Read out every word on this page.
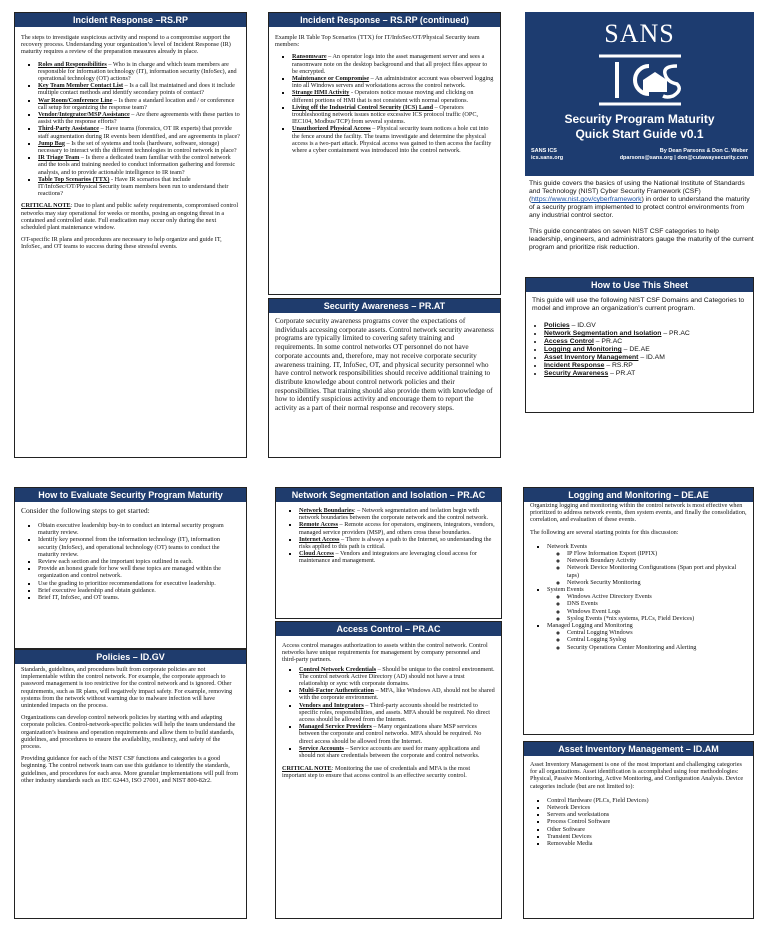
Incident Response –RS.RP

The steps to investigate suspicious activity and respond to a compromise support the recovery process. Understanding your organization’s level of Incident Response (IR) maturity requires a review of the preparation measures already in place.

▪ Roles and Responsibilities – Who is in charge and which team members are responsible for information technology (IT), information security (InfoSec), and operational technology (OT) actions?
▪ Key Team Member Contact List – Is a call list maintained and does it include multiple contact methods and identify secondary points of contact?
▪ War Room/Conference Line – Is there a standard location and / or conference call setup for organizing the response team?
▪ Vendor/Integrator/MSP Assistance – Are there agreements with these parties to assist with the response efforts?
▪ Third-Party Assistance – Have teams (forensics, OT IR experts) that provide staff augmentation during IR events been identified, and are agreements in place?
▪ Jump Bag – Is the set of systems and tools (hardware, software, storage) necessary to interact with the different technologies in control network in place?
▪ IR Triage Team – Is there a dedicated team familiar with the control network and the tools and training needed to conduct information gathering and forensic analysis, and to provide actionable intelligence to IR team?
▪ Table Top Scenarios (TTX) - Have IR scenarios that include IT/InfoSec/OT/Physical Security team members been run to understand their reactions?

CRITICAL NOTE: Due to plant and public safety requirements, compromised control networks may stay operational for weeks or months, posing an ongoing threat in a contained and controlled state. Full eradication may occur only during the next scheduled plant maintenance window.

OT-specific IR plans and procedures are necessary to help organize and guide IT, InfoSec, and OT teams to success during these stressful events.

Incident Response – RS.RP (continued)

Example IR Table Top Scenarios (TTX) for IT/InfoSec/OT/Physical Security team members:

▪ Ransomware – An operator logs into the asset management server and sees a ransomware note on the desktop background and that all project files appear to be encrypted.
▪ Maintenance or Compromise – An administrator account was observed logging into all Windows servers and workstations across the control network.
▪ Strange HMI Activity - Operators notice mouse moving and clicking on different portions of HMI that is not consistent with normal operations.
▪ Living off the Industrial Control Security (ICS) Land – Operators troubleshooting network issues notice excessive ICS protocol traffic (OPC, IEC104, Modbus/TCP) from several systems.
▪ Unauthorized Physical Access – Physical security team notices a hole cut into the fence around the facility. The teams investigate and determine the physical access is a two-part attack. Physical access was gained to then access the facility where a cyber containment was introduced into the control network.
Security Awareness – PR.AT

Corporate security awareness programs cover the expectations of individuals accessing corporate assets. Control network security awareness programs are typically limited to covering safety training and requirements. In some control networks OT personnel do not have corporate accounts and, therefore, may not receive corporate security awareness training. IT, InfoSec, OT, and physical security personnel who have control network responsibilities should receive additional training to distribute knowledge about control network policies and their responsibilities. That training should also provide them with knowledge of how to identify suspicious activity and encourage them to report the activity as a part of their normal response and recovery steps.

SANS
Security Program Maturity
Quick Start Guide v0.1
SANS ICS	By Dean Parsons & Don C. Weber
ics.sans.org	dparsons@sans.org | don@cutawaysecurity.com

This guide covers the basics of using the National Institute of Standards and Technology (NIST) Cyber Security Framework (CSF) (https://www.nist.gov/cyberframework) in order to understand the maturity of a security program implemented to protect control environments from any industrial control sector.

This guide concentrates on seven NIST CSF categories to help leadership, engineers, and administrators gauge the maturity of the current program and prioritize risk reduction.

How to Use This Sheet

This guide will use the following NIST CSF Domains and Categories to model and improve an organization’s current program.

• Policies – ID.GV
• Network Segmentation and Isolation – PR.AC
• Access Control – PR.AC
• Logging and Monitoring – DE.AE
• Asset Inventory Management – ID.AM
• Incident Response – RS.RP
• Security Awareness – PR.AT
How to Evaluate Security Program Maturity

Consider the following steps to get started:

▪ Obtain executive leadership buy-in to conduct an internal security program maturity review.
▪ Identify key personnel from the information technology (IT), information security (InfoSec), and operational technology (OT) teams to conduct the maturity review.
▪ Review each section and the important topics outlined in each.
▪ Provide an honest grade for how well these topics are managed within the organization and control network.
▪ Use the grading to prioritize recommendations for executive leadership.
▪ Brief executive leadership and obtain guidance.
▪ Brief IT, InfoSec, and OT teams.
Policies – ID.GV

Standards, guidelines, and procedures built from corporate policies are not implementable within the control network. For example, the corporate approach to password management is too restrictive for the control network and is ignored. Other requirements, such as IR plans, will negatively impact safety. For example, removing systems from the network without warning due to malware infection will have unintended impacts on the process.

Organizations can develop control network policies by starting with and adapting corporate policies. Control-network-specific policies will help the team understand the organization’s business and operation requirements and allow them to build standards, guidelines, and procedures to ensure the availability, resiliency, and safety of the process.

Providing guidance for each of the NIST CSF functions and categories is a good beginning. The control network team can use this guidance to identify the standards, guidelines, and procedures for each area. More granular implementations will pull from other industry standards such as IEC 62443, ISO 27001, and NIST 800-82r2.

Network Segmentation and Isolation – PR.AC
▪ Network Boundaries: – Network segmentation and isolation begin with network boundaries between the corporate network and the control network.
▪ Remote Access – Remote access for operators, engineers, integrators, vendors, managed service providers (MSP), and others cross these boundaries.
▪ Internet Access – There is always a path to the Internet, so understanding the risks applied to this path is critical.
▪ Cloud Access – Vendors and integrators are leveraging cloud access for maintenance and management.
Access Control – PR.AC

Access control manages authorization to assets within the control network. Control networks have unique requirements for management by company personnel and third-party partners.

▪ Control Network Credentials – Should be unique to the control environment. The control network Active Directory (AD) should not have a trust relationship or sync with corporate domains.
▪ Multi-Factor Authentication – MFA, like Windows AD, should not be shared with the corporate environment.
▪ Vendors and Integrators – Third-party accounts should be restricted to specific roles, responsibilities, and assets. MFA should be required. No direct access should be allowed from the Internet.
▪ Managed Service Providers – Many organizations share MSP services between the corporate and control networks. MFA should be required. No direct access should be allowed from the Internet.
▪ Service Accounts – Service accounts are used for many applications and should not share credentials between the corporate and control networks.

CRITICAL NOTE: Monitoring the use of credentials and MFA is the most important step to ensure that access control is an effective security control.

Logging and Monitoring – DE.AE

Organizing logging and monitoring within the control network is most effective when prioritized to address network events, then system events, and finally the consolidation, correlation, and evaluation of these events.

The following are several starting points for this discussion:

▪ Network Events
◦ IP Flow Information Export (IPFIX)
◦ Network Boundary Activity
◦ Network Device Monitoring Configurations (Span port and physical taps)
◦ Network Security Monitoring
▪ System Events
◦ Windows Active Directory Events
◦ DNS Events
◦ Windows Event Logs
◦ Syslog Events (*nix systems, PLCs, Field Devices)
▪ Managed Logging and Monitoring
◦ Central Logging Windows
◦ Central Logging Syslog
◦ Security Operations Center Monitoring and Alerting
Asset Inventory Management – ID.AM

Asset Inventory Management is one of the most important and challenging categories for all organizations. Asset identification is accomplished using four methodologies: Physical, Passive Monitoring, Active Monitoring, and Configuration Analysis. Device categories include (but are not limited to):

▪ Control Hardware (PLCs, Field Devices)
▪ Network Devices
▪ Servers and workstations
▪ Process Control Software
▪ Other Software
▪ Transient Devices
▪ Removable Media
